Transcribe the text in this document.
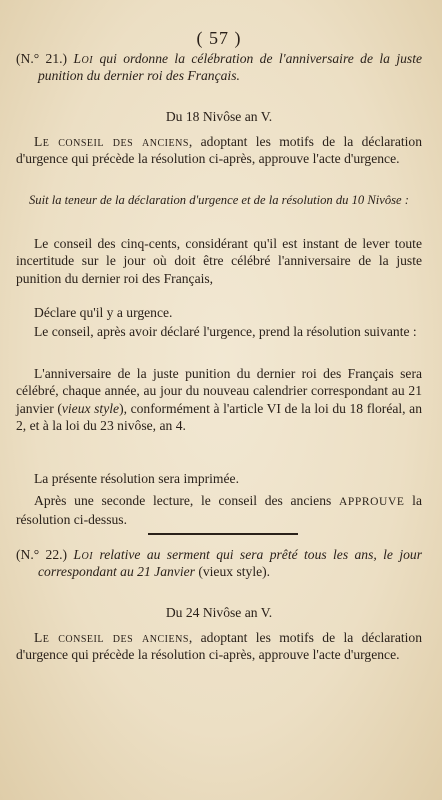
( 57 )
(N.° 21.) Loi qui ordonne la célébration de l'anniversaire de la juste punition du dernier roi des Français.
Du 18 Nivôse an V.
Le conseil des anciens, adoptant les motifs de la déclaration d'urgence qui précède la résolution ci-après, approuve l'acte d'urgence.
Suit la teneur de la déclaration d'urgence et de la résolution du 10 Nivôse :
Le conseil des cinq-cents, considérant qu'il est instant de lever toute incertitude sur le jour où doit être célébré l'anniversaire de la juste punition du dernier roi des Français,
Déclare qu'il y a urgence.
Le conseil, après avoir déclaré l'urgence, prend la résolution suivante :
L'anniversaire de la juste punition du dernier roi des Français sera célébré, chaque année, au jour du nouveau calendrier correspondant au 21 janvier (vieux style), conformément à l'article VI de la loi du 18 floréal, an 2, et à la loi du 23 nivôse, an 4.
La présente résolution sera imprimée.
Après une seconde lecture, le conseil des anciens APPROUVE la résolution ci-dessus.
(N.° 22.) Loi relative au serment qui sera prêté tous les ans, le jour correspondant au 21 Janvier (vieux style).
Du 24 Nivôse an V.
Le conseil des anciens, adoptant les motifs de la déclaration d'urgence qui précède la résolution ci-après, approuve l'acte d'urgence.
